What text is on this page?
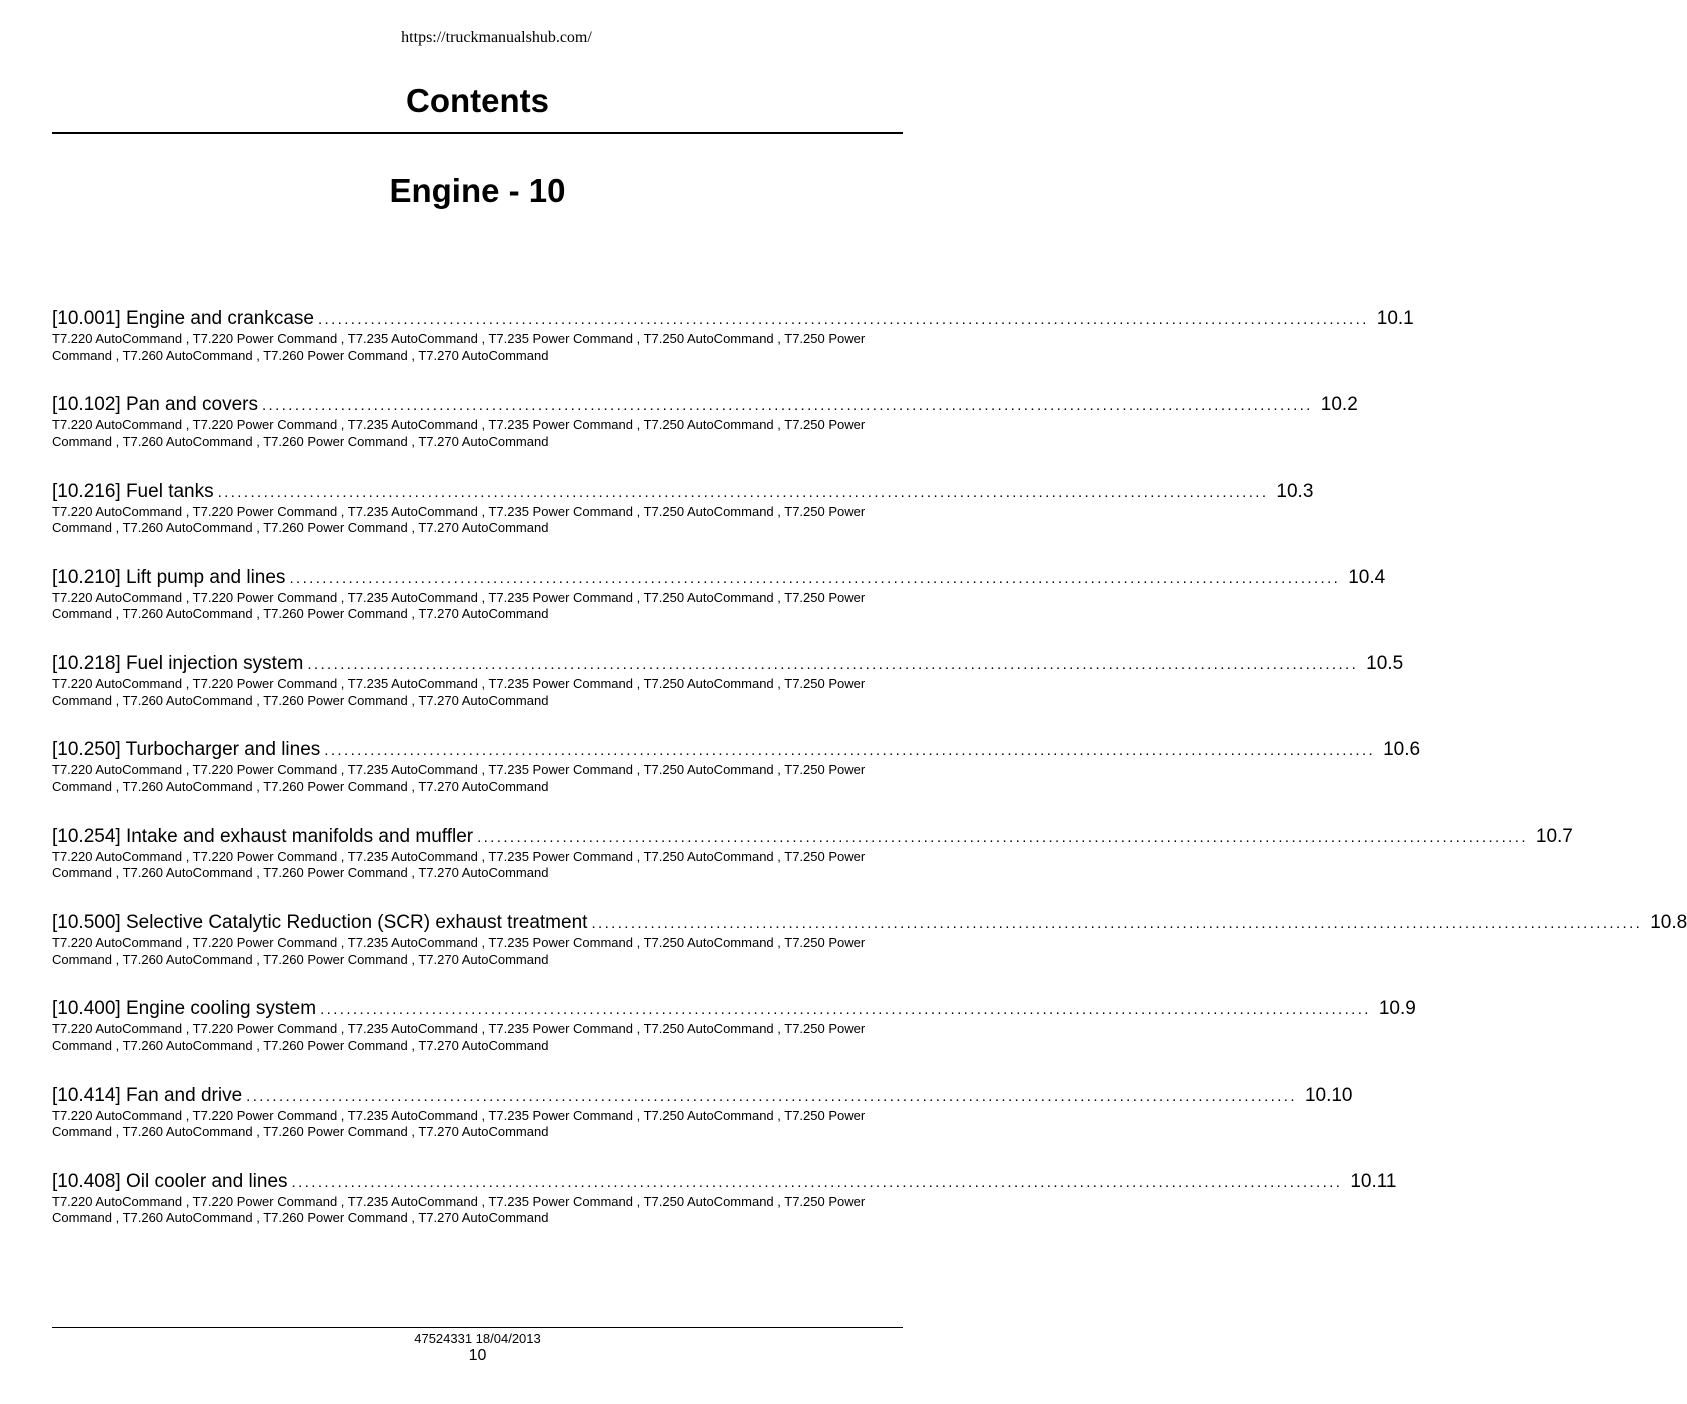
https://truckmanualshub.com/
Contents
Engine - 10
[10.001] Engine and crankcase ................................................................................................................................................................ 10.1
T7.220 AutoCommand , T7.220 Power Command , T7.235 AutoCommand , T7.235 Power Command , T7.250 AutoCommand , T7.250 Power Command , T7.260 AutoCommand , T7.260 Power Command , T7.270 AutoCommand
[10.102] Pan and covers ................................................................................................................................................................ 10.2
T7.220 AutoCommand , T7.220 Power Command , T7.235 AutoCommand , T7.235 Power Command , T7.250 AutoCommand , T7.250 Power Command , T7.260 AutoCommand , T7.260 Power Command , T7.270 AutoCommand
[10.216] Fuel tanks ................................................................................................................................................................ 10.3
T7.220 AutoCommand , T7.220 Power Command , T7.235 AutoCommand , T7.235 Power Command , T7.250 AutoCommand , T7.250 Power Command , T7.260 AutoCommand , T7.260 Power Command , T7.270 AutoCommand
[10.210] Lift pump and lines ................................................................................................................................................................ 10.4
T7.220 AutoCommand , T7.220 Power Command , T7.235 AutoCommand , T7.235 Power Command , T7.250 AutoCommand , T7.250 Power Command , T7.260 AutoCommand , T7.260 Power Command , T7.270 AutoCommand
[10.218] Fuel injection system ................................................................................................................................................................ 10.5
T7.220 AutoCommand , T7.220 Power Command , T7.235 AutoCommand , T7.235 Power Command , T7.250 AutoCommand , T7.250 Power Command , T7.260 AutoCommand , T7.260 Power Command , T7.270 AutoCommand
[10.250] Turbocharger and lines ................................................................................................................................................................ 10.6
T7.220 AutoCommand , T7.220 Power Command , T7.235 AutoCommand , T7.235 Power Command , T7.250 AutoCommand , T7.250 Power Command , T7.260 AutoCommand , T7.260 Power Command , T7.270 AutoCommand
[10.254] Intake and exhaust manifolds and muffler ................................................................................................................................................................ 10.7
T7.220 AutoCommand , T7.220 Power Command , T7.235 AutoCommand , T7.235 Power Command , T7.250 AutoCommand , T7.250 Power Command , T7.260 AutoCommand , T7.260 Power Command , T7.270 AutoCommand
[10.500] Selective Catalytic Reduction (SCR) exhaust treatment ................................................................................................................................................................ 10.8
T7.220 AutoCommand , T7.220 Power Command , T7.235 AutoCommand , T7.235 Power Command , T7.250 AutoCommand , T7.250 Power Command , T7.260 AutoCommand , T7.260 Power Command , T7.270 AutoCommand
[10.400] Engine cooling system ................................................................................................................................................................ 10.9
T7.220 AutoCommand , T7.220 Power Command , T7.235 AutoCommand , T7.235 Power Command , T7.250 AutoCommand , T7.250 Power Command , T7.260 AutoCommand , T7.260 Power Command , T7.270 AutoCommand
[10.414] Fan and drive ................................................................................................................................................................ 10.10
T7.220 AutoCommand , T7.220 Power Command , T7.235 AutoCommand , T7.235 Power Command , T7.250 AutoCommand , T7.250 Power Command , T7.260 AutoCommand , T7.260 Power Command , T7.270 AutoCommand
[10.408] Oil cooler and lines ................................................................................................................................................................ 10.11
T7.220 AutoCommand , T7.220 Power Command , T7.235 AutoCommand , T7.235 Power Command , T7.250 AutoCommand , T7.250 Power Command , T7.260 AutoCommand , T7.260 Power Command , T7.270 AutoCommand
47524331 18/04/2013
10
